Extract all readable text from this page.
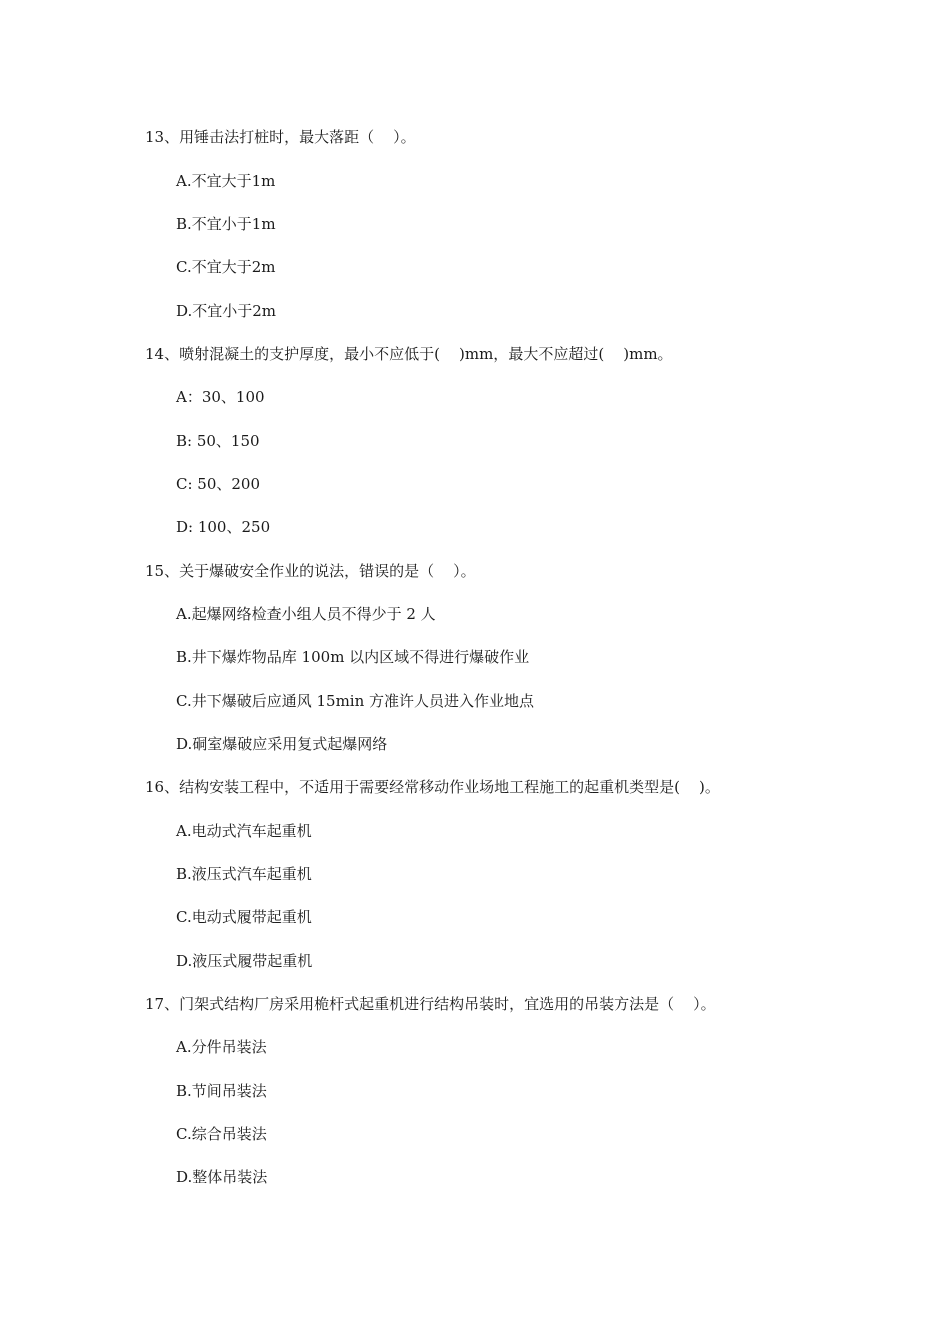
13、用锤击法打桩时，最大落距（    ）。
A.不宜大于1m
B.不宜小于1m
C.不宜大于2m
D.不宜小于2m
14、喷射混凝土的支护厚度，最小不应低于(    )mm，最大不应超过(    )mm。
A：30、100
B: 50、150
C: 50、200
D: 100、250
15、关于爆破安全作业的说法，错误的是（    ）。
A.起爆网络检查小组人员不得少于 2 人
B.井下爆炸物品库 100m 以内区域不得进行爆破作业
C.井下爆破后应通风 15min 方准许人员进入作业地点
D.硐室爆破应采用复式起爆网络
16、结构安装工程中，不适用于需要经常移动作业场地工程施工的起重机类型是(    )。
A.电动式汽车起重机
B.液压式汽车起重机
C.电动式履带起重机
D.液压式履带起重机
17、门架式结构厂房采用桅杆式起重机进行结构吊装时，宜选用的吊装方法是（    ）。
A.分件吊装法
B.节间吊装法
C.综合吊装法
D.整体吊装法
